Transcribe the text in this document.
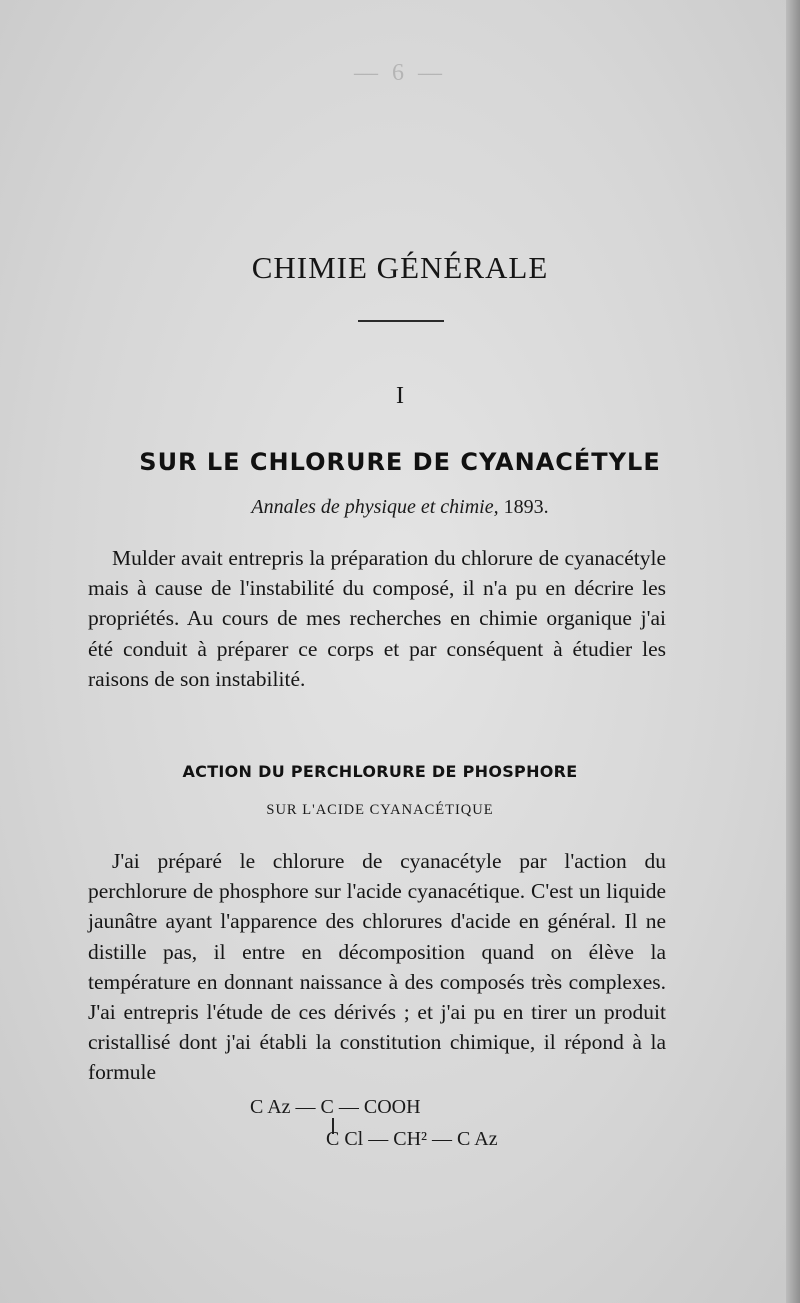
— 6 —
CHIMIE GÉNÉRALE
I
SUR LE CHLORURE DE CYANACÉTYLE
Annales de physique et chimie, 1893.
Mulder avait entrepris la préparation du chlorure de cyanacétyle mais à cause de l'instabilité du composé, il n'a pu en décrire les propriétés. Au cours de mes recherches en chimie organique j'ai été conduit à préparer ce corps et par conséquent à étudier les raisons de son instabilité.
ACTION DU PERCHLORURE DE PHOSPHORE
SUR L'ACIDE CYANACÉTIQUE
J'ai préparé le chlorure de cyanacétyle par l'action du perchlorure de phosphore sur l'acide cyanacétique. C'est un liquide jaunâtre ayant l'apparence des chlorures d'acide en général. Il ne distille pas, il entre en décomposition quand on élève la température en donnant naissance à des composés très complexes. J'ai entrepris l'étude de ces dérivés ; et j'ai pu en tirer un produit cristallisé dont j'ai établi la constitution chimique, il répond à la formule
C Az — C — COOH
C Cl — CH² — C Az
